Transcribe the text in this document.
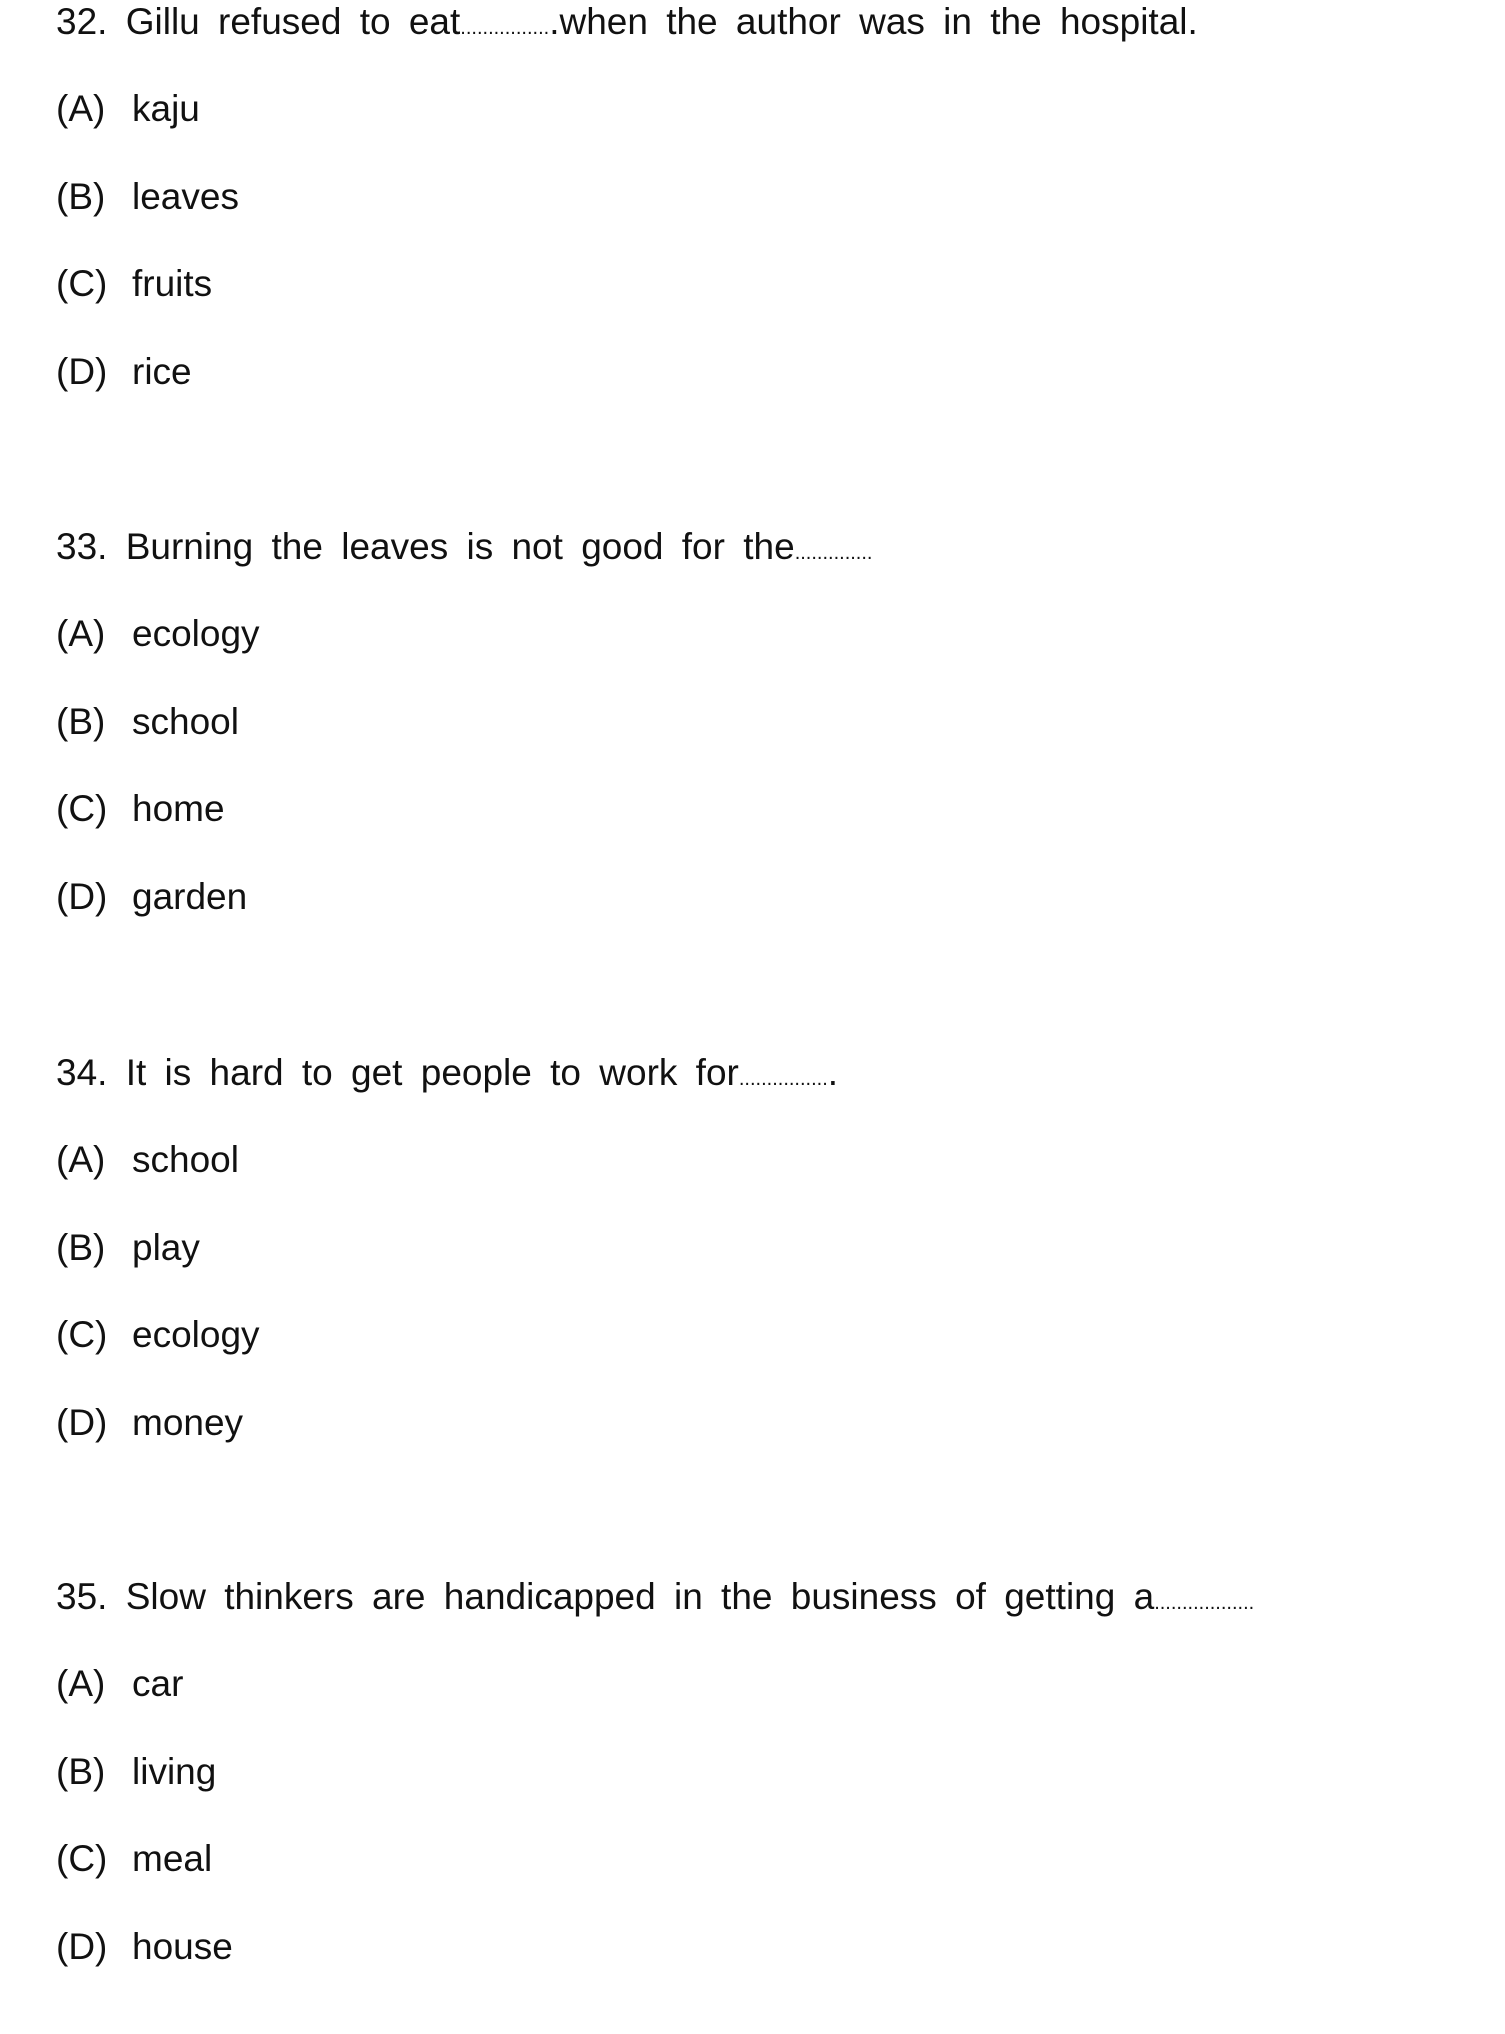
32. Gillu refused to eat.................when the author was in the hospital.
(A) kaju
(B) leaves
(C) fruits
(D) rice
33. Burning the leaves is not good for the..............
(A) ecology
(B) school
(C) home
(D) garden
34. It is hard to get people to work for.................
(A) school
(B) play
(C) ecology
(D) money
35. Slow thinkers are handicapped in the business of getting a..................
(A) car
(B) living
(C) meal
(D) house
